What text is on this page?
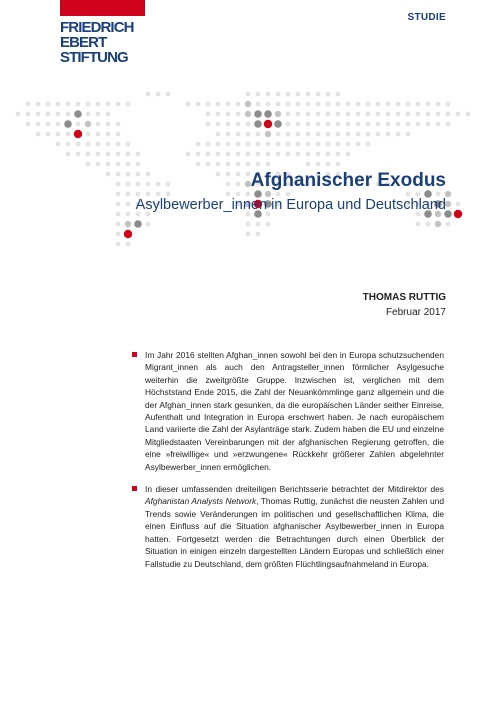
FRIEDRICH
EBERT
STIFTUNG
STUDIE
Afghanischer Exodus
Asylbewerber_innen in Europa und Deutschland
THOMAS RUTTIG
Februar 2017
Im Jahr 2016 stellten Afghan_innen sowohl bei den in Europa schutzsuchenden Migrant_innen als auch den Antragsteller_innen förmlicher Asylgesuche weiterhin die zweitgrößte Gruppe. Inzwischen ist, verglichen mit dem Höchststand Ende 2015, die Zahl der Neuankömmlinge ganz allgemein und die der Afghan_innen stark gesunken, da die europäischen Länder seither Einreise, Aufenthalt und Integration in Europa erschwert haben. Je nach europäischem Land variierte die Zahl der Asylanträge stark. Zudem haben die EU und einzelne Mitgliedstaaten Vereinbarungen mit der afghanischen Regierung getroffen, die eine »freiwillige« und »erzwungene« Rückkehr größerer Zahlen abgelehnter Asylbewerber_innen ermöglichen.
In dieser umfassenden dreiteiligen Berichtsserie betrachtet der Mitdirektor des Afghanistan Analysts Network, Thomas Ruttig, zunächst die neusten Zahlen und Trends sowie Veränderungen im politischen und gesellschaftlichen Klima, die einen Einfluss auf die Situation afghanischer Asylbewerber_innen in Europa hatten. Fortgesetzt werden die Betrachtungen durch einen Überblick der Situation in einigen einzeln dargestellten Ländern Europas und schließlich einer Fallstudie zu Deutschland, dem größten Flüchtlingsaufnahmeland in Europa.
